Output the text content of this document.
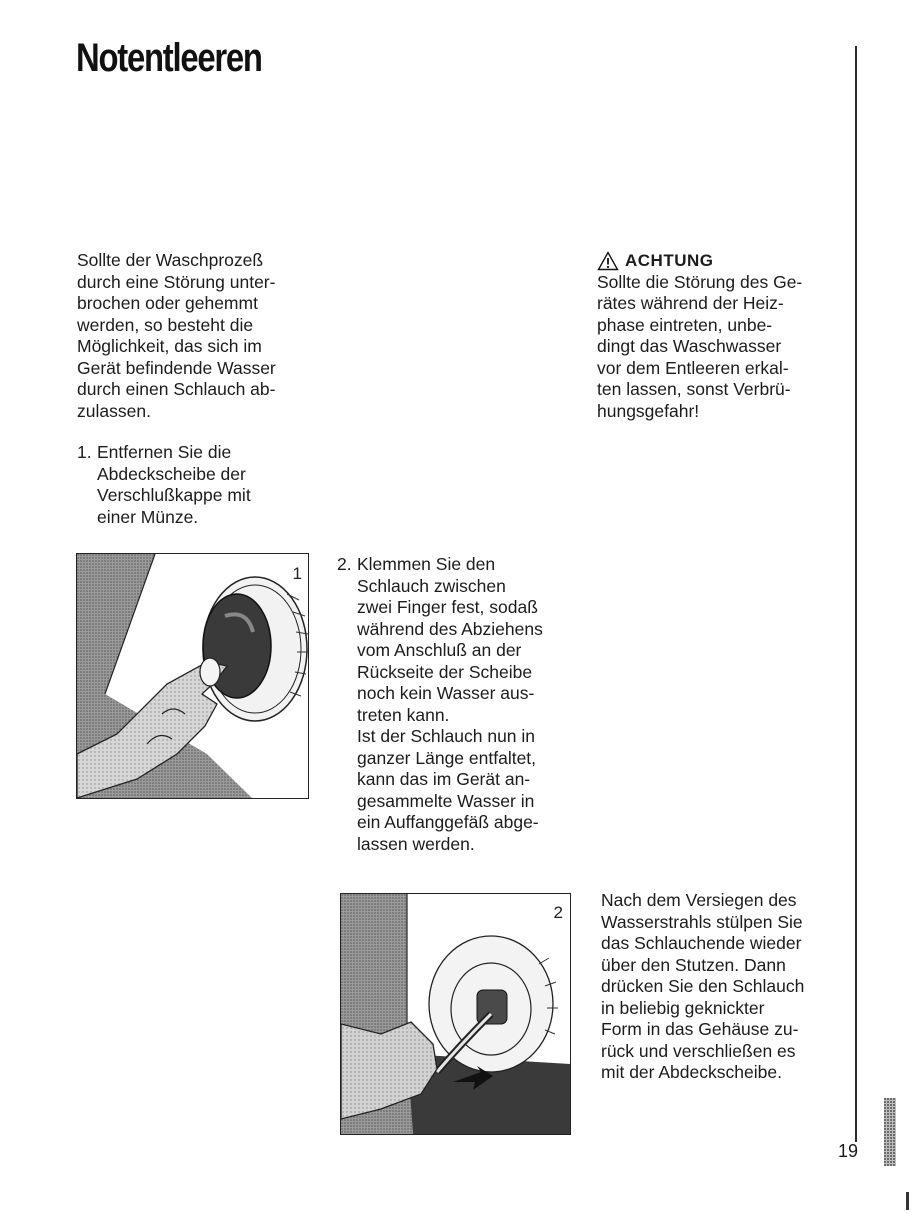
Notentleeren

Sollte der Waschprozeß

durch eine Störung unter-

brochen oder gehemmt

werden, so besteht die

Möglichkeit, das sich im

Gerät befindende Wasser

durch einen Schlauch ab-

zulassen.

ACHTUNG

Sollte die Störung des Ge-

rätes während der Heiz-

phase eintreten, unbe-

dingt das Waschwasser

vor dem Entleeren erkal-

ten lassen, sonst Verbrü-

hungsgefahr!

1. Entfernen Sie die

Abdeckscheibe der

Verschlußkappe mit

einer Münze.

1 2. Klemmen Sie den

Schlauch zwischen

zwei Finger fest, sodaß

während des Abziehens

vom Anschluß an der

Rückseite der Scheibe

noch kein Wasser aus-

treten kann.

Ist der Schlauch nun in

ganzer Länge entfaltet,

kann das im Gerät an-

gesammelte Wasser in

ein Auffanggefäß abge-

lassen werden.

2

Nach dem Versiegen des

Wasserstrahls stülpen Sie

das Schlauchende wieder

über den Stutzen. Dann

drücken Sie den Schlauch

in beliebig geknickter

Form in das Gehäuse zu-

rück und verschließen es

mit der Abdeckscheibe.

19
